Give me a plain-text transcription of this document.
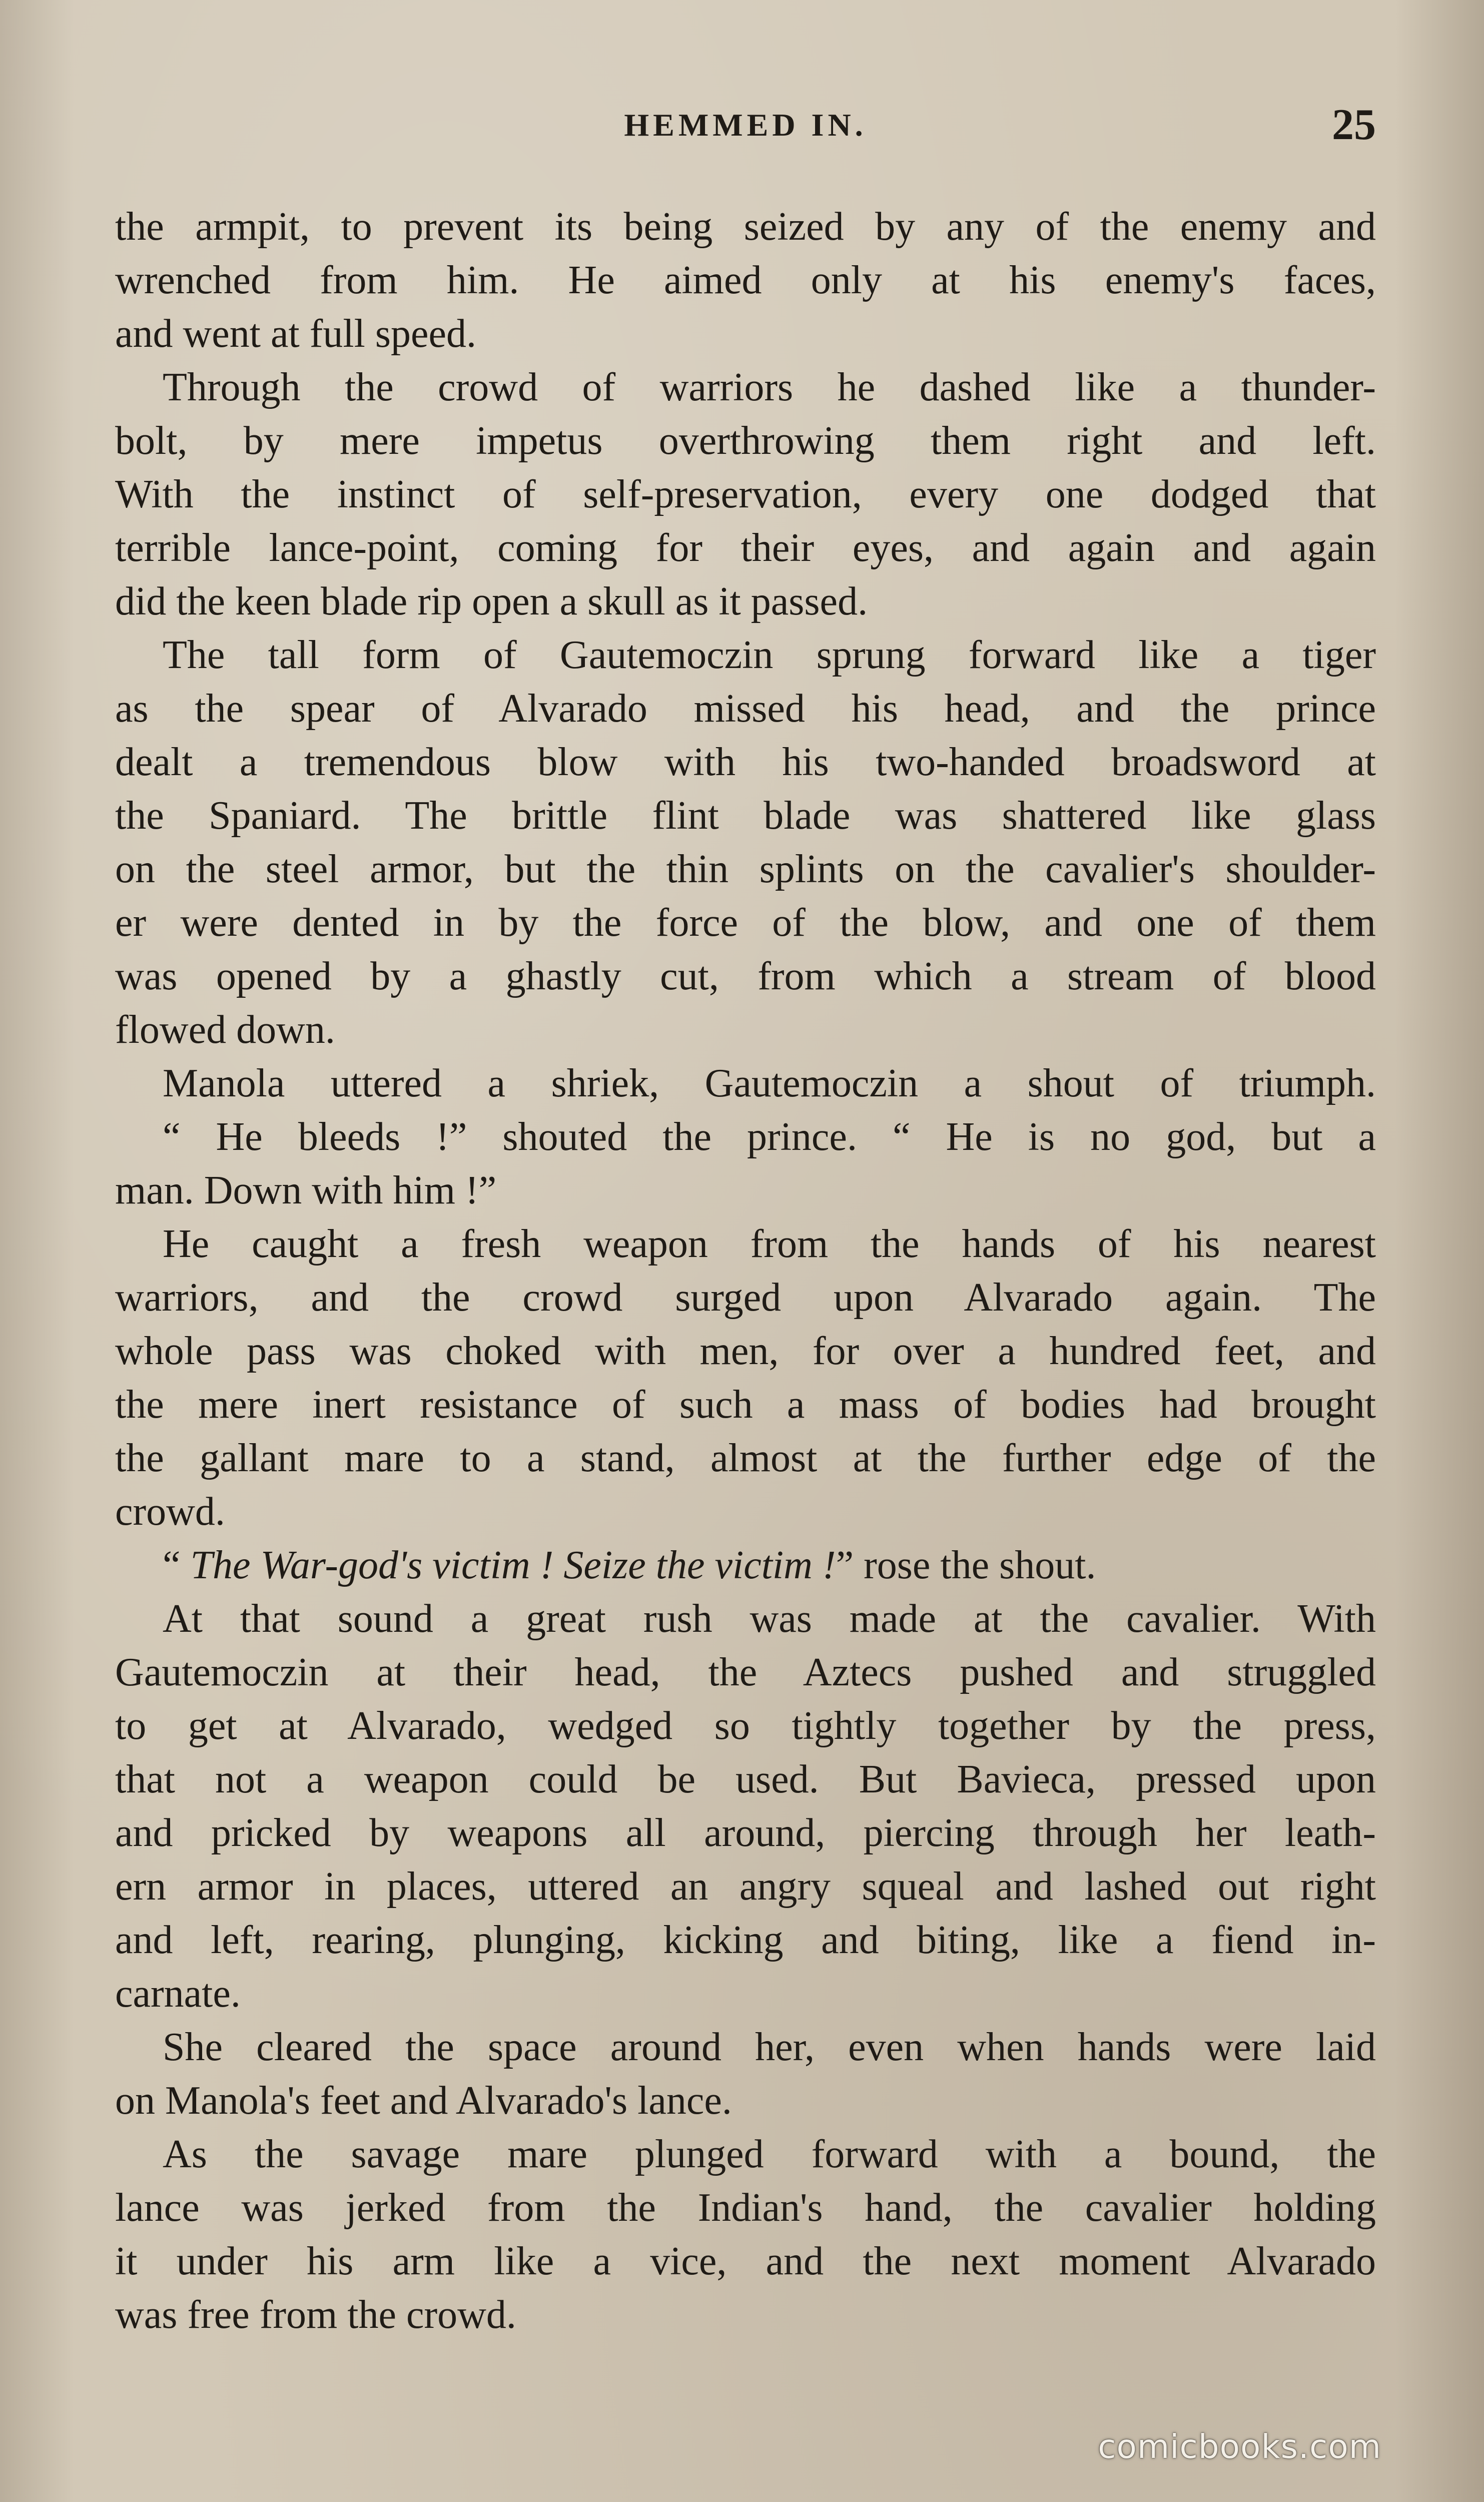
HEMMED IN.	25
the armpit, to prevent its being seized by any of the enemy and
wrenched from him. He aimed only at his enemy's faces,
and went at full speed.
Through the crowd of warriors he dashed like a thunder-
bolt, by mere impetus overthrowing them right and left.
With the instinct of self-preservation, every one dodged that
terrible lance-point, coming for their eyes, and again and again
did the keen blade rip open a skull as it passed.
The tall form of Gautemoczin sprung forward like a tiger
as the spear of Alvarado missed his head, and the prince
dealt a tremendous blow with his two-handed broadsword at
the Spaniard. The brittle flint blade was shattered like glass
on the steel armor, but the thin splints on the cavalier's shoulder-
er were dented in by the force of the blow, and one of them
was opened by a ghastly cut, from which a stream of blood
flowed down.
Manola uttered a shriek, Gautemoczin a shout of triumph.
“ He bleeds !” shouted the prince. “ He is no god, but a
man. Down with him !”
He caught a fresh weapon from the hands of his nearest
warriors, and the crowd surged upon Alvarado again. The
whole pass was choked with men, for over a hundred feet, and
the mere inert resistance of such a mass of bodies had brought
the gallant mare to a stand, almost at the further edge of the
crowd.
“ The War-god's victim ! Seize the victim !” rose the shout.
At that sound a great rush was made at the cavalier. With
Gautemoczin at their head, the Aztecs pushed and struggled
to get at Alvarado, wedged so tightly together by the press,
that not a weapon could be used. But Bavieca, pressed upon
and pricked by weapons all around, piercing through her leath-
ern armor in places, uttered an angry squeal and lashed out right
and left, rearing, plunging, kicking and biting, like a fiend in-
carnate.
She cleared the space around her, even when hands were laid
on Manola's feet and Alvarado's lance.
As the savage mare plunged forward with a bound, the
lance was jerked from the Indian's hand, the cavalier holding
it under his arm like a vice, and the next moment Alvarado
was free from the crowd.
comicbooks.com
